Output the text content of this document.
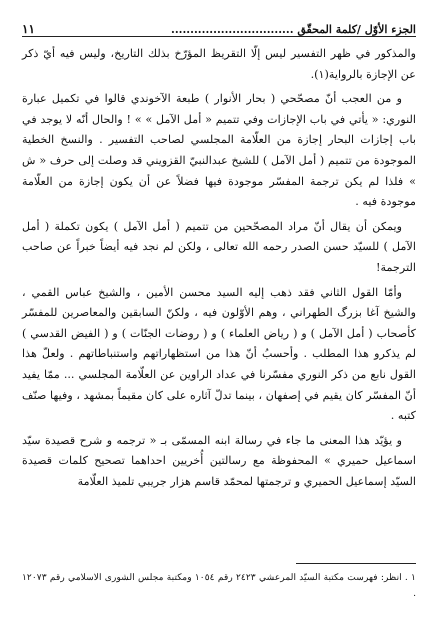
الجزء الأوّل /كلمة المحقّق ................................
١١

والمذكور في ظهر التفسير ليس إلّا التقريظ المؤرّخ بذلك التاريخ، وليس فيه أيّ ذكر عن الإجازة بالرواية(١).

و من العجب أنّ مصحّحي ( بحار الأنوار ) طبعة الآخوندي قالوا في تكميل عبارة النوري: « يأتي في باب الإجازات وفي تتميم « أمل الآمل » » ! والحال أنّه لا يوجد في باب إجازات البحار إجازة من العلّامة المجلسي لصاحب التفسير . والنسخ الخطية الموجودة من تتميم ( أمل الآمل ) للشيخ عبدالنبيّ القزويني قد وصلت إلى حرف « ش » فلذا لم يكن ترجمة المفسّر موجودة فيها فضلاً عن أن يكون إجازة من العلّامة موجودة فيه .

ويمكن أن يقال أنّ مراد المصحّحين من تتميم ( أمل الآمل ) يكون تكملة ( أمل الآمل ) للسيّد حسن الصدر رحمه الله تعالى ، ولكن لم نجد فيه أيضاً خبراً عن صاحب الترجمة!

وأمّا القول الثاني فقد ذهب إليه السيد محسن الأمين ، والشيخ عباس القمي ، والشيخ آغا بزرگ الطهراني ، وهم الأوّلون فيه ، ولكنّ السابقين والمعاصرين للمفسّر كأصحاب ( أمل الآمل ) و ( رياض العلماء ) و ( روضات الجنّات ) و ( الفيض القدسي ) لم يذكرو هذا المطلب . وأحسبُ أنّ هذا من استظهاراتهم واستنباطاتهم . ولعلّ هذا القول نابع من ذكر النوري مفسّرنا في عداد الراوين عن العلّامة المجلسي ... ممّا يفيد أنّ المفسّر كان يقيم في إصفهان ، بينما تدلّ آثاره على كان مقيماً بمشهد ، وفيها صنّف كتبه .

و يؤيّد هذا المعنى ما جاء في رسالة ابنه المسمّى بـ « ترجمه و شرح قصيدة سيّد اسماعيل حميري » المحفوظة مع رسالتين أُخريين احداهما تصحيح كلمات قصيدة السيّد إسماعيل الحميري و ترجمتها لمحمّد قاسم هزار جريبي تلميذ العلّامة

١ . انظر: فهرست مكتبة السيّد المرعشي ٢٤٢٣ رقم ١٠٥٤ ومكتبة مجلس الشورى الاسلامي رقم ١٢٠٧٣ .
